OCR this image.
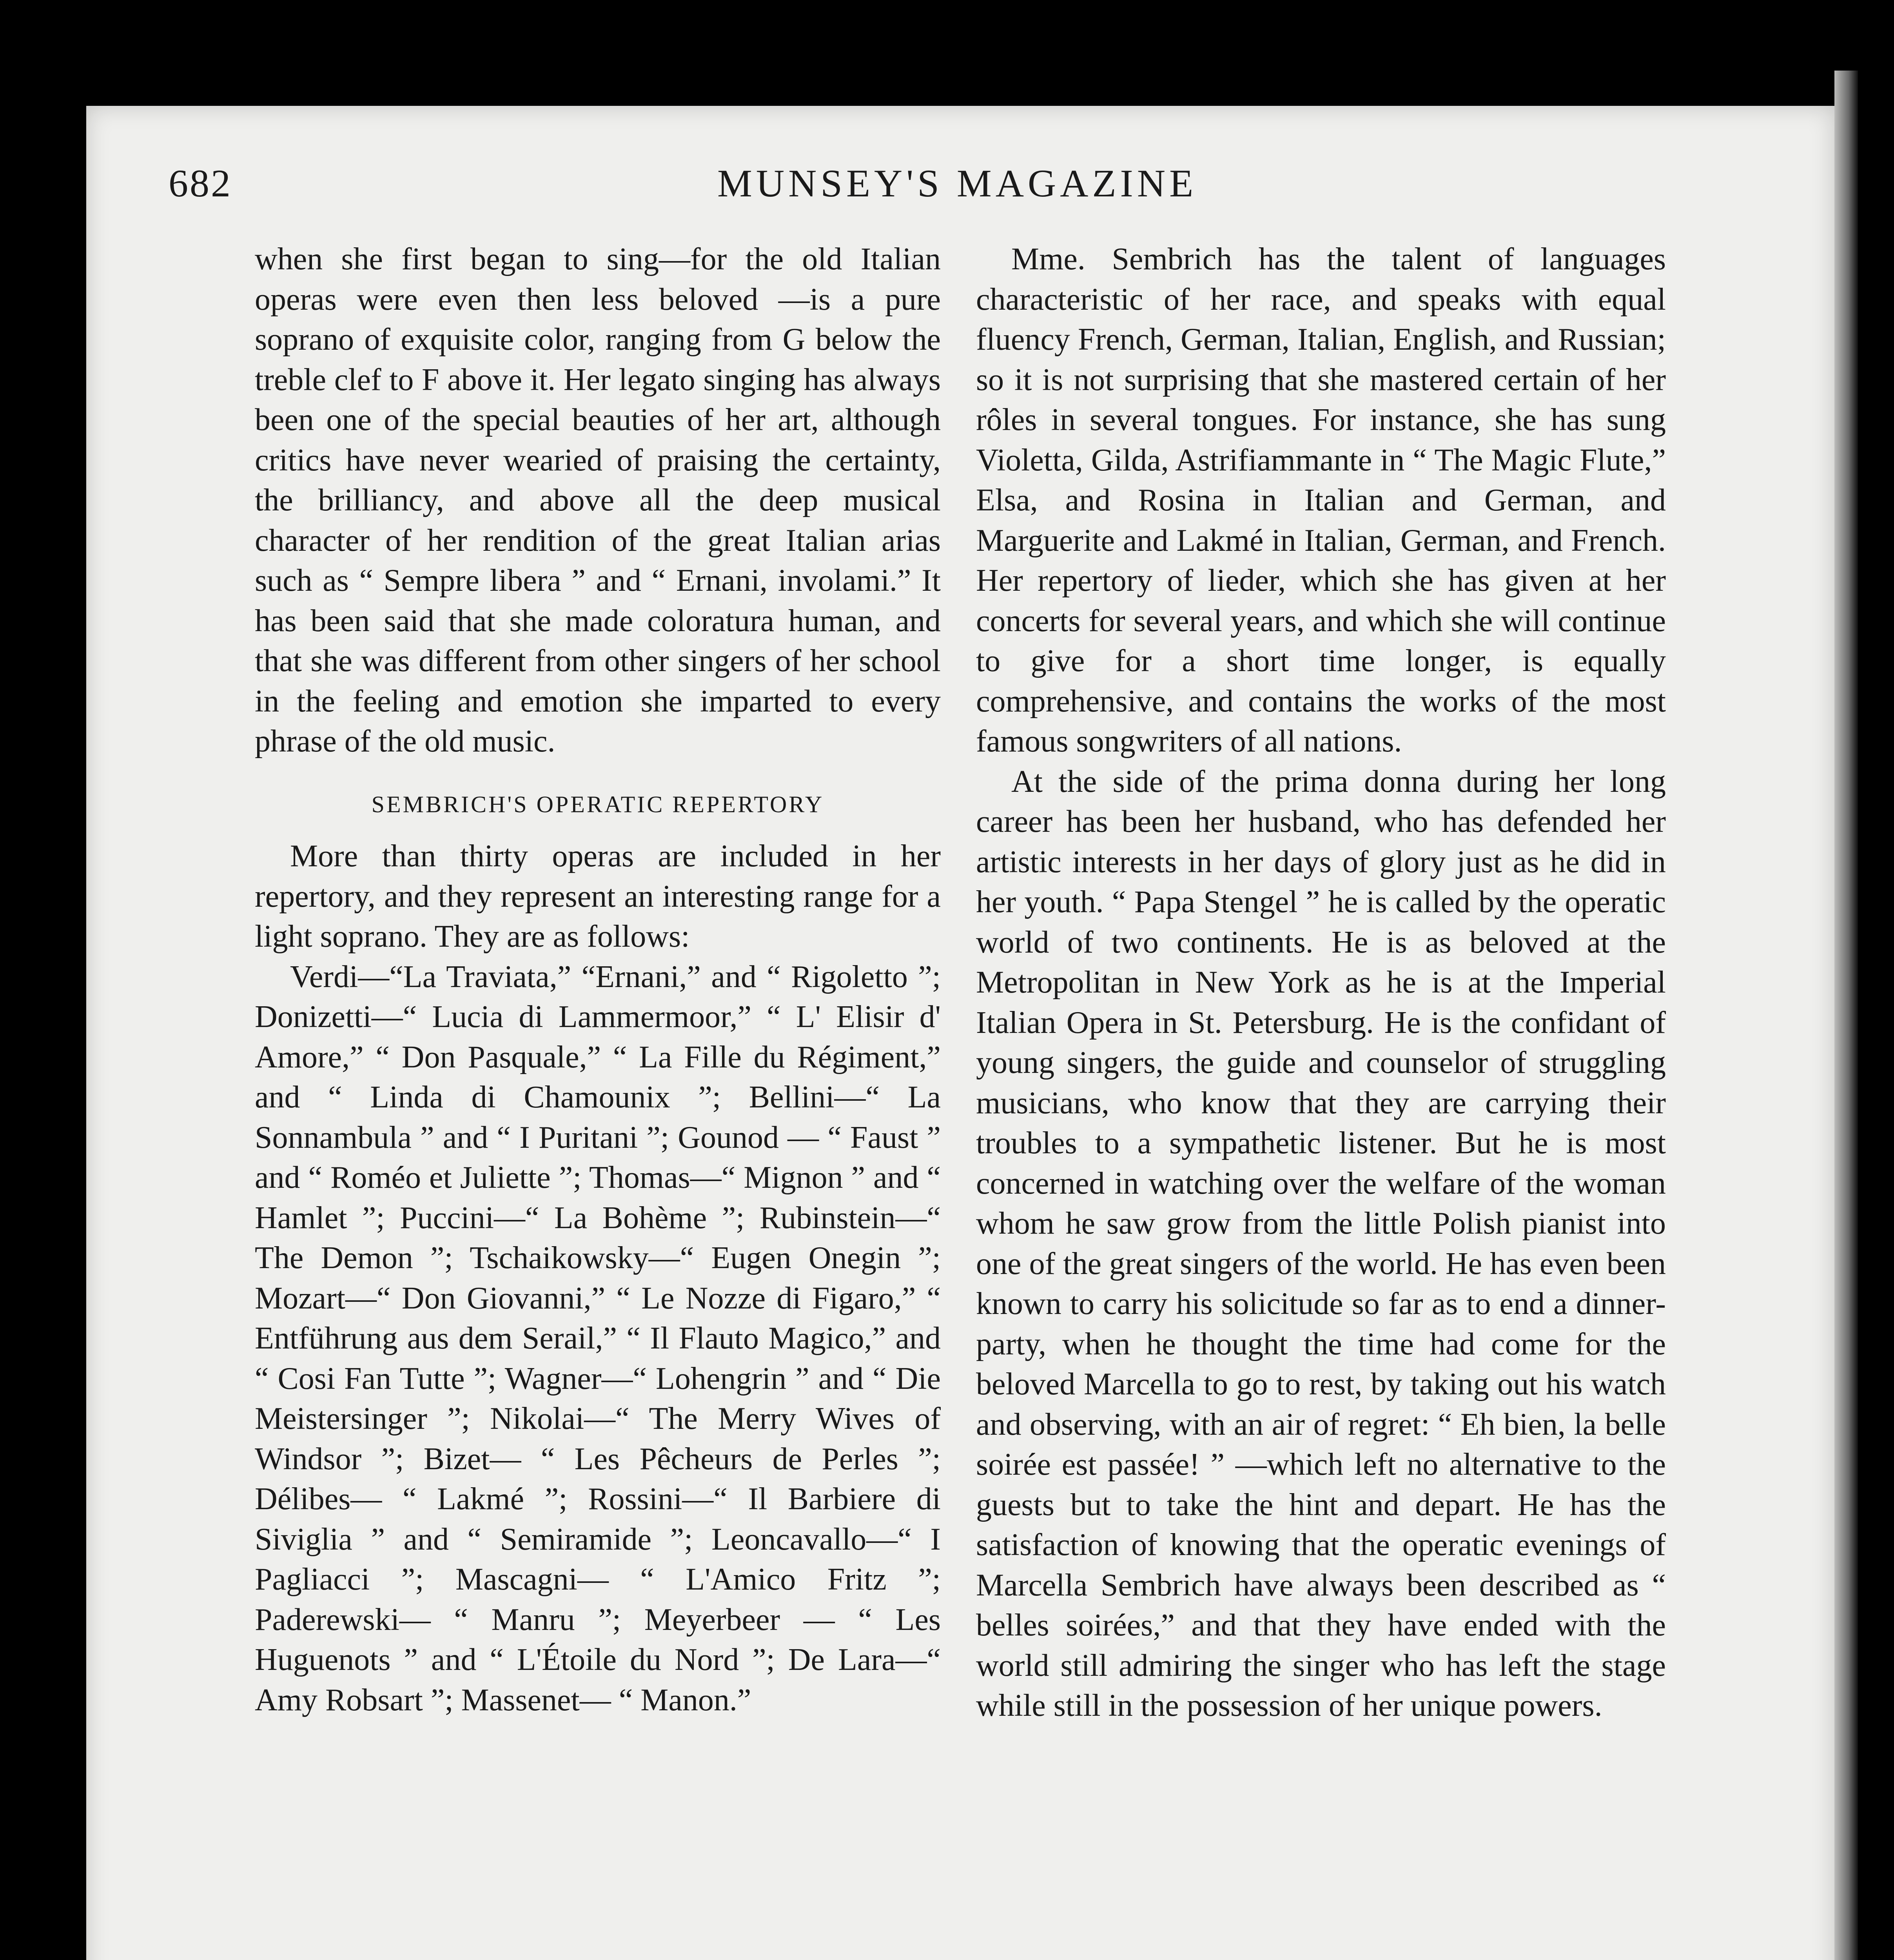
682	MUNSEY'S MAGAZINE

when she first began to sing—for the old Italian operas were even then less beloved —is a pure soprano of exquisite color, ranging from G below the treble clef to F above it. Her legato singing has always been one of the special beauties of her art, although critics have never wearied of praising the certainty, the brilliancy, and above all the deep musical character of her rendition of the great Italian arias such as “ Sempre libera ” and “ Ernani, involami.” It has been said that she made coloratura human, and that she was different from other singers of her school in the feeling and emotion she imparted to every phrase of the old music.

SEMBRICH'S OPERATIC REPERTORY

More than thirty operas are included in her repertory, and they represent an interesting range for a light soprano. They are as follows:

Verdi—“La Traviata,” “Ernani,” and “ Rigoletto ”; Donizetti—“ Lucia di Lammermoor,” “ L' Elisir d' Amore,” “ Don Pasquale,” “ La Fille du Régiment,” and “ Linda di Chamounix ”; Bellini—“ La Sonnambula ” and “ I Puritani ”; Gounod — “ Faust ” and “ Roméo et Juliette ”; Thomas—“ Mignon ” and “ Hamlet ”; Puccini—“ La Bohème ”; Rubinstein—“ The Demon ”; Tschaikowsky—“ Eugen Onegin ”; Mozart—“ Don Giovanni,” “ Le Nozze di Figaro,” “ Entführung aus dem Serail,” “ Il Flauto Magico,” and “ Cosi Fan Tutte ”; Wagner—“ Lohengrin ” and “ Die Meistersinger ”; Nikolai—“ The Merry Wives of Windsor ”; Bizet— “ Les Pêcheurs de Perles ”; Délibes— “ Lakmé ”; Rossini—“ Il Barbiere di Siviglia ” and “ Semiramide ”; Leoncavallo—“ I Pagliacci ”; Mascagni— “ L'Amico Fritz ”; Paderewski— “ Manru ”; Meyerbeer — “ Les Huguenots ” and “ L'Étoile du Nord ”; De Lara—“ Amy Robsart ”; Massenet— “ Manon.”

Mme. Sembrich has the talent of languages characteristic of her race, and speaks with equal fluency French, German, Italian, English, and Russian; so it is not surprising that she mastered certain of her rôles in several tongues. For instance, she has sung Violetta, Gilda, Astrifiammante in “ The Magic Flute,” Elsa, and Rosina in Italian and German, and Marguerite and Lakmé in Italian, German, and French. Her repertory of lieder, which she has given at her concerts for several years, and which she will continue to give for a short time longer, is equally comprehensive, and contains the works of the most famous songwriters of all nations.

At the side of the prima donna during her long career has been her husband, who has defended her artistic interests in her days of glory just as he did in her youth. “ Papa Stengel ” he is called by the operatic world of two continents. He is as beloved at the Metropolitan in New York as he is at the Imperial Italian Opera in St. Petersburg. He is the confidant of young singers, the guide and counselor of struggling musicians, who know that they are carrying their troubles to a sympathetic listener. But he is most concerned in watching over the welfare of the woman whom he saw grow from the little Polish pianist into one of the great singers of the world. He has even been known to carry his solicitude so far as to end a dinner-party, when he thought the time had come for the beloved Marcella to go to rest, by taking out his watch and observing, with an air of regret: “ Eh bien, la belle soirée est passée! ” —which left no alternative to the guests but to take the hint and depart. He has the satisfaction of knowing that the operatic evenings of Marcella Sembrich have always been described as “ belles soirées,” and that they have ended with the world still admiring the singer who has left the stage while still in the possession of her unique powers.
